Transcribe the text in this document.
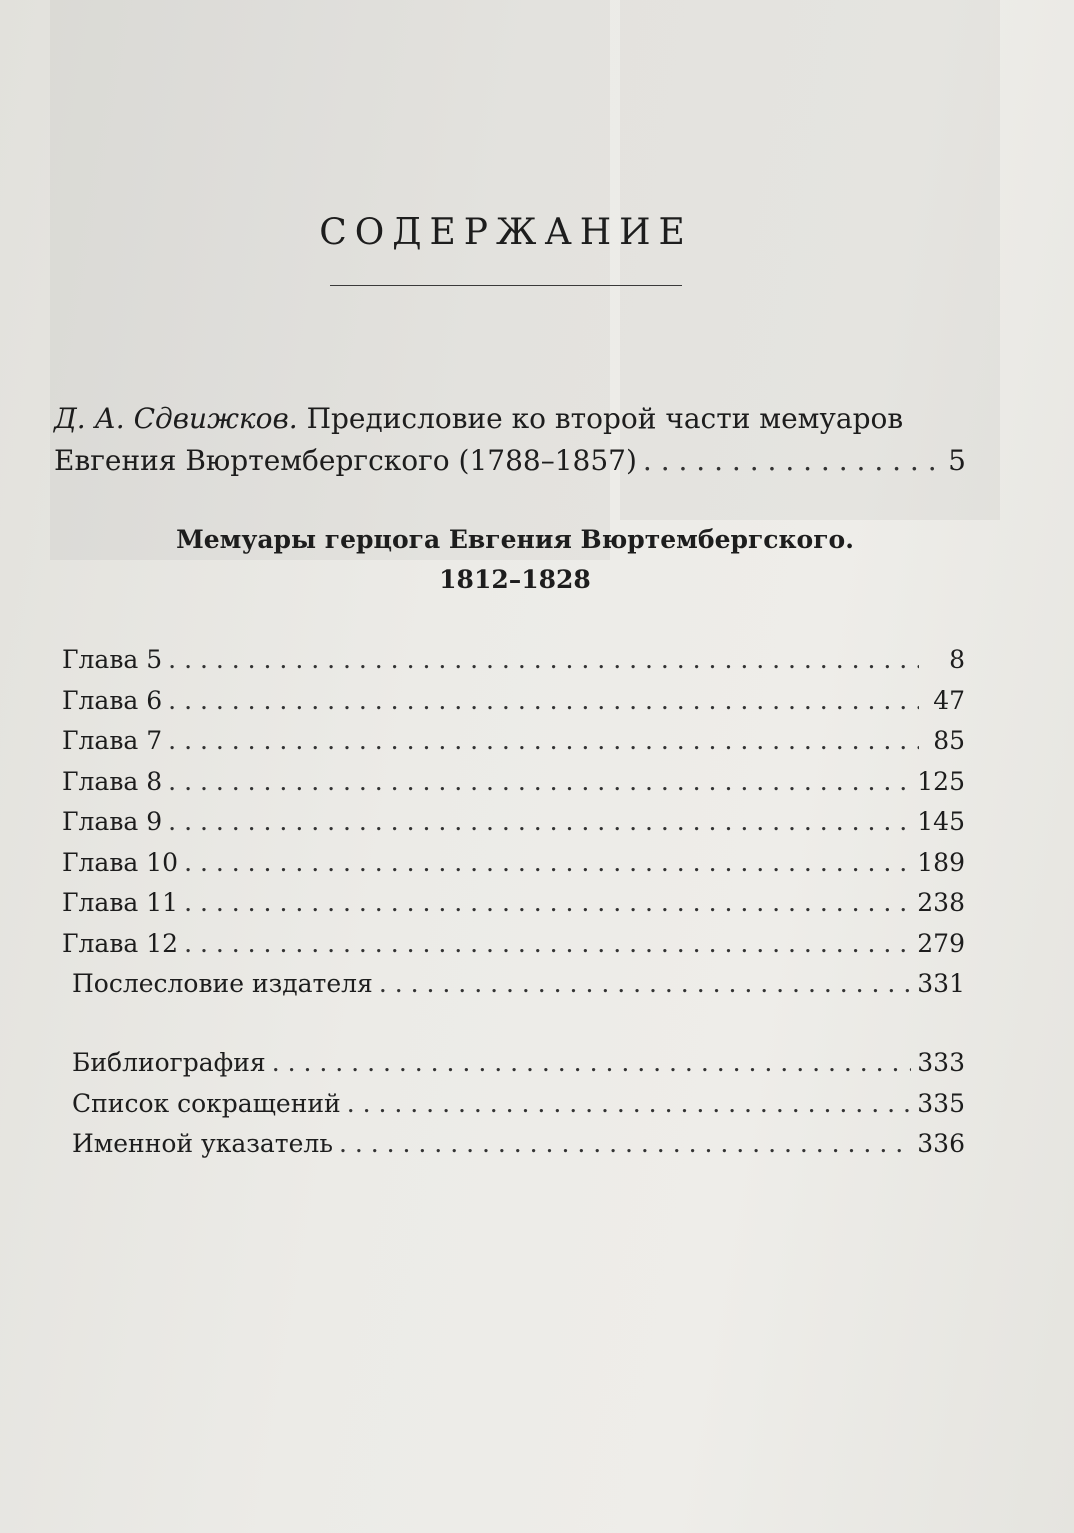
СОДЕРЖАНИЕ
Д. А. Сдвижков. Предисловие ко второй части мемуаров
Евгения Вюртембергского (1788–1857) . . .	5
Мемуары герцога Евгения Вюртембергского.
1812–1828
Глава 5 . . .	8
Глава 6 . . .	47
Глава 7 . . .	85
Глава 8 . . .	125
Глава 9 . . .	145
Глава 10 . . .	189
Глава 11 . . .	238
Глава 12 . . .	279
Послесловие издателя . . .	331
Библиография . . .	333
Список сокращений . . .	335
Именной указатель . . .	336
